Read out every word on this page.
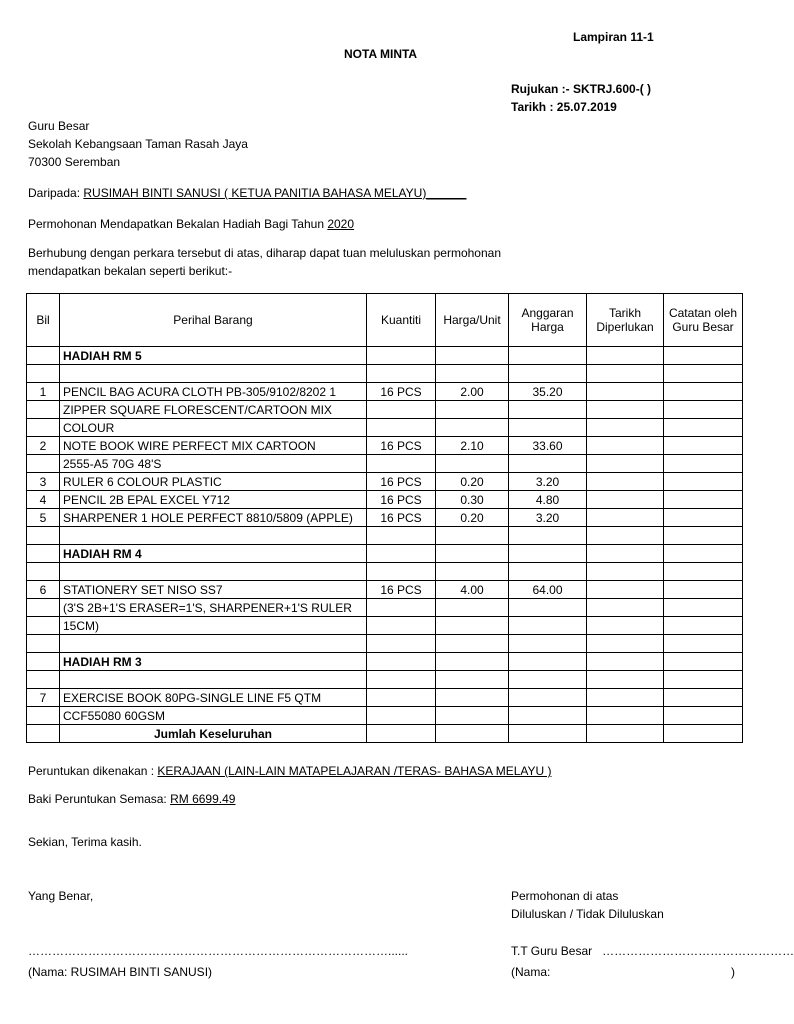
Lampiran 11-1
NOTA MINTA
Rujukan :- SKTRJ.600-( )
Tarikh : 25.07.2019
Guru Besar
Sekolah Kebangsaan Taman Rasah Jaya
70300 Seremban
Daripada: RUSIMAH BINTI SANUSI ( KETUA PANITIA BAHASA MELAYU)______
Permohonan Mendapatkan Bekalan Hadiah Bagi Tahun 2020
Berhubung dengan perkara tersebut di atas, diharap dapat tuan meluluskan permohonan
mendapatkan bekalan seperti berikut:-
Bil	Perihal Barang	Kuantiti	Harga/Unit	Anggaran Harga	Tarikh Diperlukan	Catatan oleh Guru Besar
	HADIAH RM 5					

1	PENCIL BAG ACURA CLOTH PB-305/9102/8202 1	16 PCS	2.00	35.20		
	ZIPPER SQUARE FLORESCENT/CARTOON MIX					
	COLOUR					
2	NOTE BOOK WIRE PERFECT MIX CARTOON	16 PCS	2.10	33.60		
	2555-A5 70G 48'S					
3	RULER 6 COLOUR PLASTIC	16 PCS	0.20	3.20		
4	PENCIL 2B EPAL EXCEL Y712	16 PCS	0.30	4.80		
5	SHARPENER 1 HOLE PERFECT 8810/5809 (APPLE)	16 PCS	0.20	3.20		

	HADIAH RM 4					

6	STATIONERY SET NISO SS7	16 PCS	4.00	64.00		
	(3'S 2B+1'S ERASER=1'S, SHARPENER+1'S RULER					
	15CM)					

	HADIAH RM 3					

7	EXERCISE BOOK 80PG-SINGLE LINE F5 QTM					
	CCF55080 60GSM					
	Jumlah Keseluruhan					
Peruntukan dikenakan : KERAJAAN (LAIN-LAIN MATAPELAJARAN /TERAS- BAHASA MELAYU )
Baki Peruntukan Semasa: RM 6699.49
Sekian, Terima kasih.
Yang Benar,
………………………………………………………………………………......
(Nama: RUSIMAH BINTI SANUSI)
Permohonan di atas
Diluluskan / Tidak Diluluskan
T.T Guru Besar …………………………………………
(Nama:	)
